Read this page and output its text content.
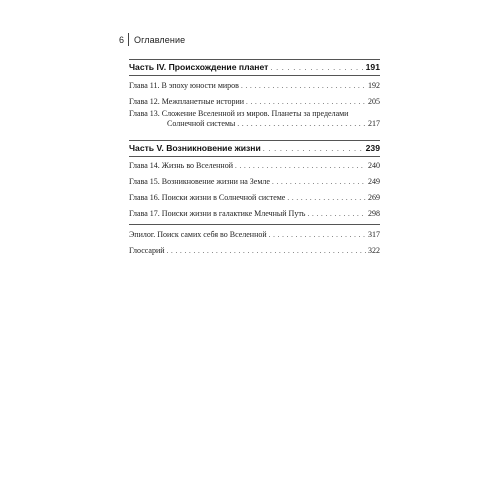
6	Оглавление
Часть IV. Происхождение планет . . .	191
Глава 11. В эпоху юности миров . . .	192
Глава 12. Межпланетные истории . . .	205
Глава 13. Сложение Вселенной из миров. Планеты за пределами
Солнечной системы . . .	217
Часть V. Возникновение жизни . . .	239
Глава 14. Жизнь во Вселенной . . .	240
Глава 15. Возникновение жизни на Земле . . .	249
Глава 16. Поиски жизни в Солнечной системе . . .	269
Глава 17. Поиски жизни в галактике Млечный Путь . . .	298
Эпилог. Поиск самих себя во Вселенной . . .	317
Глоссарий . . .	322
